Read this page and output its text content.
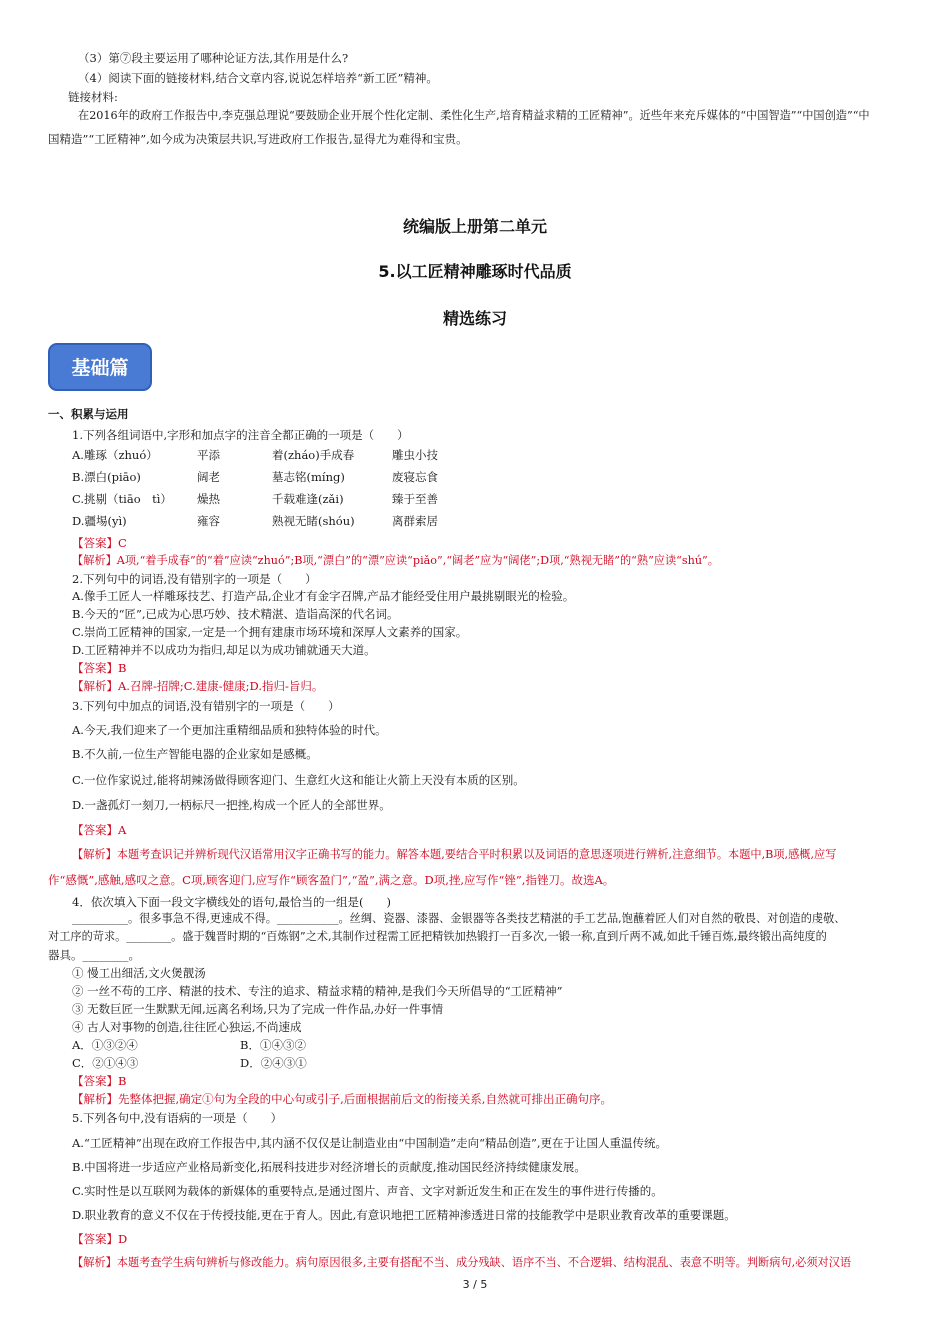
（3）第⑦段主要运用了哪种论证方法,其作用是什么?
（4）阅读下面的链接材料,结合文章内容,说说怎样培养“新工匠”精神。
链接材料:
在2016年的政府工作报告中,李克强总理说“要鼓励企业开展个性化定制、柔性化生产,培育精益求精的工匠精神”。近些年来充斥媒体的“中国智造”“中国创造”“中
国精造”“工匠精神”,如今成为决策层共识,写进政府工作报告,显得尤为难得和宝贵。
统编版上册第二单元
5.以工匠精神雕琢时代品质
精选练习
基础篇
一、积累与运用
1.下列各组词语中,字形和加点字的注音全都正确的一项是（　　）
A.雕琢（zhuó）	平添	着(zháo)手成春	雕虫小技
B.漂白(piāo)	阔老	墓志铭(míng)	废寝忘食
C.挑剔（tiāo　tì） 燥热	千载难逢(zǎi)	臻于至善
D.疆埸(yì)	雍容	熟视无睹(shóu)	离群索居
【答案】C
【解析】A项,“着手成春”的“着”应读“zhuó”;B项,“漂白”的“漂”应读“piǎo”,“阔老”应为“阔佬”;D项,“熟视无睹”的“熟”应读“shú”。
2.下列句中的词语,没有错别字的一项是（　　）
A.像手工匠人一样雕琢技艺、打造产品,企业才有金字召牌,产品才能经受住用户最挑剔眼光的检验。
B.今天的“匠”,已成为心思巧妙、技术精湛、造诣高深的代名词。
C.崇尚工匠精神的国家,一定是一个拥有建康市场环境和深厚人文素养的国家。
D.工匠精神并不以成功为指归,却足以为成功铺就通天大道。
【答案】B
【解析】A.召牌-招牌;C.建康-健康;D.指归-旨归。
3.下列句中加点的词语,没有错别字的一项是（　　）
A.今天,我们迎来了一个更加注重精细品质和独特体验的时代。
B.不久前,一位生产智能电器的企业家如是感概。
C.一位作家说过,能将胡辣汤做得顾客迎门、生意红火这和能让火箭上天没有本质的区别。
D.一盏孤灯一刻刀,一柄标尺一把挫,构成一个匠人的全部世界。
【答案】A
【解析】本题考查识记并辨析现代汉语常用汉字正确书写的能力。解答本题,要结合平时积累以及词语的意思逐项进行辨析,注意细节。本题中,B项,感概,应写
作“感慨”,感触,感叹之意。C项,顾客迎门,应写作“顾客盈门”,“盈”,满之意。D项,挫,应写作“锉”,指锉刀。故选A。
4．依次填入下面一段文字横线处的语句,最恰当的一组是(　　)
__________。很多事急不得,更速成不得。___________。丝绸、瓷器、漆器、金银器等各类技艺精湛的手工艺品,饱蘸着匠人们对自然的敬畏、对创造的虔敬、
对工序的苛求。________。盛于魏晋时期的“百炼钢”之术,其制作过程需工匠把精铁加热锻打一百多次,一锻一称,直到斤两不减,如此千锤百炼,最终锻出高纯度的
器具。________。
① 慢工出细活,文火煲靓汤
② 一丝不苟的工序、精湛的技术、专注的追求、精益求精的精神,是我们今天所倡导的“工匠精神”
③ 无数巨匠一生默默无闻,远离名利场,只为了完成一件作品,办好一件事情
④ 古人对事物的创造,往往匠心独运,不尚速成
A．①③②④	B．①④③②
C．②①④③	D．②④③①
【答案】B
【解析】先整体把握,确定①句为全段的中心句或引子,后面根据前后文的衔接关系,自然就可排出正确句序。
5.下列各句中,没有语病的一项是（　　）
A.“工匠精神”出现在政府工作报告中,其内涵不仅仅是让制造业由“中国制造”走向“精品创造”,更在于让国人重温传统。
B.中国将进一步适应产业格局新变化,拓展科技进步对经济增长的贡献度,推动国民经济持续健康发展。
C.实时性是以互联网为载体的新媒体的重要特点,是通过图片、声音、文字对新近发生和正在发生的事件进行传播的。
D.职业教育的意义不仅在于传授技能,更在于育人。因此,有意识地把工匠精神渗透进日常的技能教学中是职业教育改革的重要课题。
【答案】D
【解析】本题考查学生病句辨析与修改能力。病句原因很多,主要有搭配不当、成分残缺、语序不当、不合逻辑、结构混乱、表意不明等。判断病句,必须对汉语
3 / 5
